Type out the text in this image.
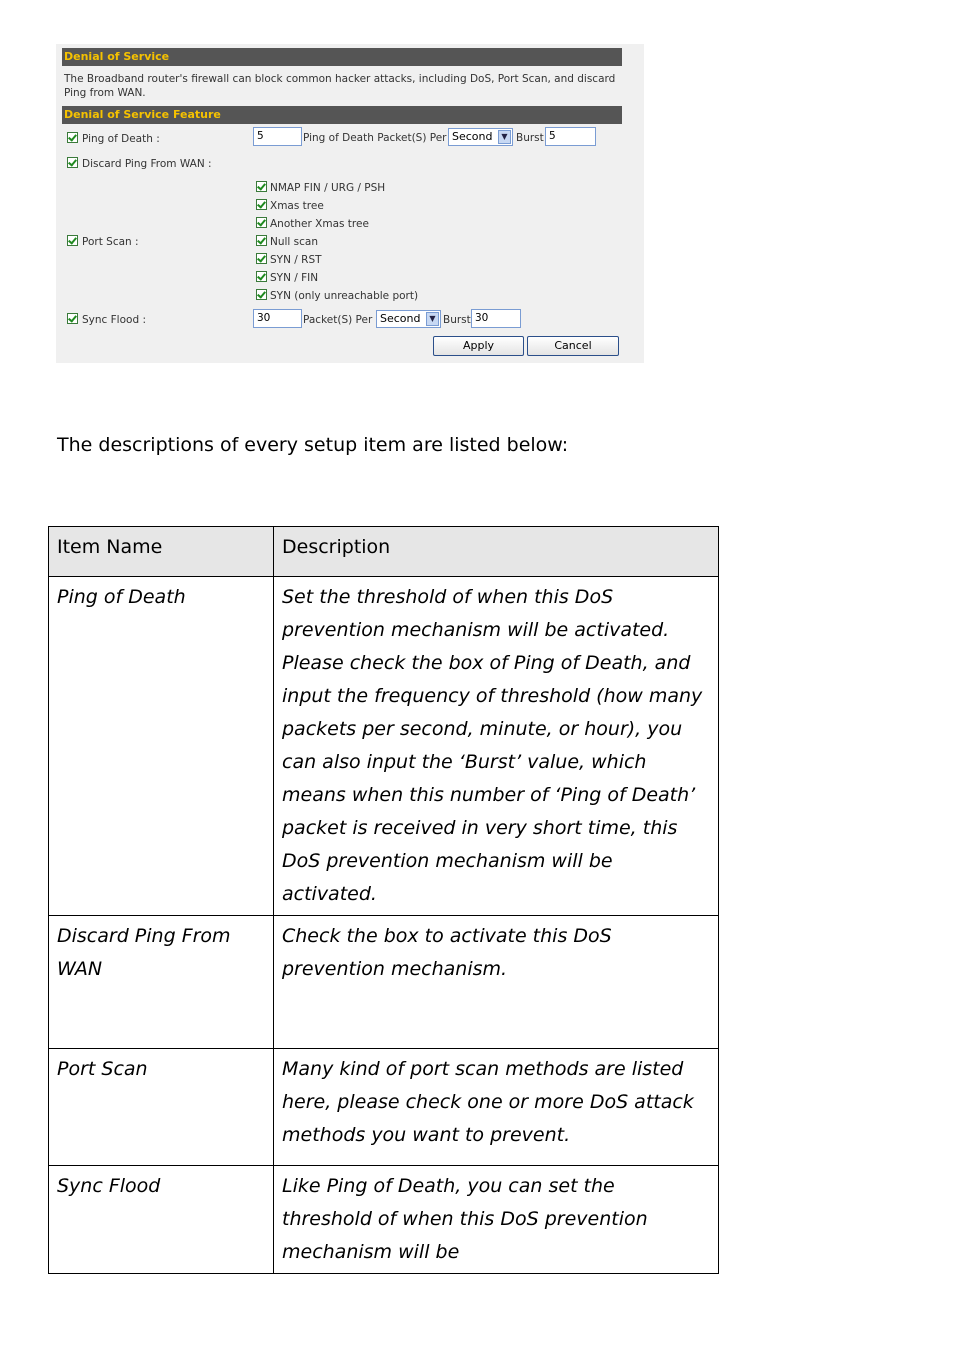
Denial of Service
The Broadband router's firewall can block common hacker attacks, including DoS, Port Scan, and discard
Ping from WAN.
Denial of Service Feature
Ping of Death :	5	Ping of Death Packet(S) Per Second	▼ Burst 5
Discard Ping From WAN :
Port Scan :
NMAP FIN / URG / PSH
Xmas tree
Another Xmas tree
Null scan
SYN / RST
SYN / FIN
SYN (only unreachable port)
Sync Flood :	30	Packet(S) Per Second	▼ Burst 30
Apply	Cancel
The descriptions of every setup item are listed below:
Item Name	Description
Ping of Death	Set the threshold of when this DoS prevention mechanism will be activated. Please check the box of Ping of Death, and input the frequency of threshold (how many packets per second, minute, or hour), you can also input the ‘Burst’ value, which means when this number of ‘Ping of Death’ packet is received in very short time, this DoS prevention mechanism will be activated.
Discard Ping From WAN	Check the box to activate this DoS prevention mechanism.
Port Scan	Many kind of port scan methods are listed here, please check one or more DoS attack methods you want to prevent.
Sync Flood	Like Ping of Death, you can set the threshold of when this DoS prevention mechanism will be
